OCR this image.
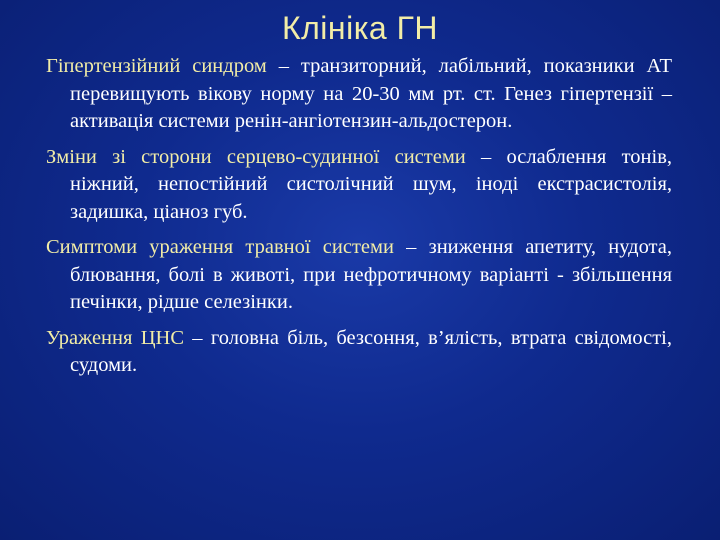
Клініка ГН

Гіпертензійний синдром – транзиторний, лабільний, показники АТ перевищують вікову норму на 20-30 мм рт. ст. Генез гіпертензії – активація системи ренін-ангіотензин-альдостерон.

Зміни зі сторони серцево-судинної системи – ослаблення тонів, ніжний, непостійний систолічний шум, іноді екстрасистолія, задишка, ціаноз губ.

Симптоми ураження травної системи – зниження апетиту, нудота, блювання, болі в животі, при нефротичному варіанті - збільшення печінки, рідше селезінки.

Ураження ЦНС – головна біль, безсоння, в’ялість, втрата свідомості, судоми.
